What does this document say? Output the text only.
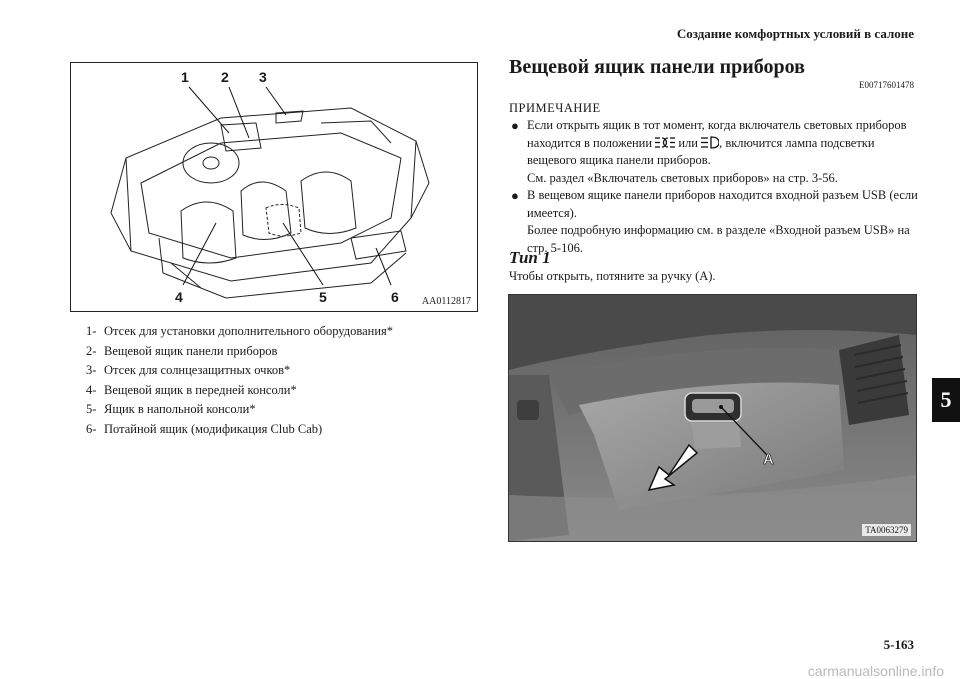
Создание комфортных условий в салоне
5
1 2 3
4	5	6 AA0112817
1- Отсек для установки дополнительного оборудования*
2- Вещевой ящик панели приборов
3- Отсек для солнцезащитных очков*
4- Вещевой ящик в передней консоли*
5- Ящик в напольной консоли*
6- Потайной ящик (модификация Club Cab)
Вещевой ящик панели приборов
E00717601478
ПРИМЕЧАНИЕ
● Если открыть ящик в тот момент, когда включатель световых приборов находится в положении или , включится лампа подсветки вещевого ящика панели приборов.
См. раздел «Включатель световых приборов» на стр. 3-56.
● В вещевом ящике панели приборов находится входной разъем USB (если имеется).
Более подробную информацию см. в разделе «Входной разъем USB» на стр. 5-106.
Тип 1
Чтобы открыть, потяните за ручку (А).
A
TA0063279
5-163
carmanualsonline.info
